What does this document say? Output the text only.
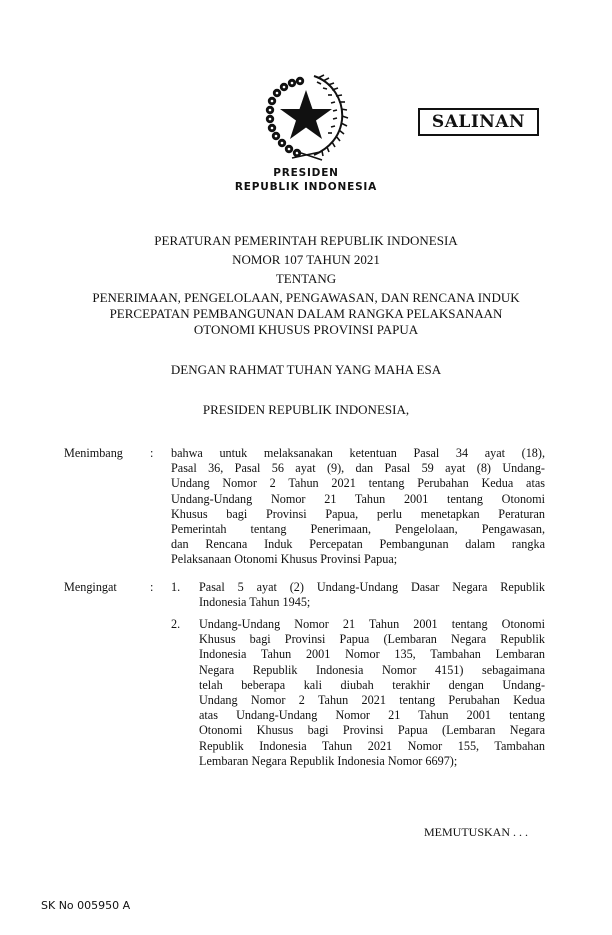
SALINAN
PRESIDEN
REPUBLIK INDONESIA
PERATURAN PEMERINTAH REPUBLIK INDONESIA
NOMOR 107 TAHUN 2021
TENTANG
PENERIMAAN, PENGELOLAAN, PENGAWASAN, DAN RENCANA INDUK
PERCEPATAN PEMBANGUNAN DALAM RANGKA PELAKSANAAN
OTONOMI KHUSUS PROVINSI PAPUA
DENGAN RAHMAT TUHAN YANG MAHA ESA
PRESIDEN REPUBLIK INDONESIA,
Menimbang : bahwa untuk melaksanakan ketentuan Pasal 34 ayat (18),
Pasal 36, Pasal 56 ayat (9), dan Pasal 59 ayat (8) Undang-
Undang Nomor 2 Tahun 2021 tentang Perubahan Kedua atas
Undang-Undang Nomor 21 Tahun 2001 tentang Otonomi
Khusus bagi Provinsi Papua, perlu menetapkan Peraturan
Pemerintah tentang Penerimaan, Pengelolaan, Pengawasan,
dan Rencana Induk Percepatan Pembangunan dalam rangka
Pelaksanaan Otonomi Khusus Provinsi Papua;
Mengingat	: 1. Pasal 5 ayat (2) Undang-Undang Dasar Negara Republik
Indonesia Tahun 1945;
2. Undang-Undang Nomor 21 Tahun 2001 tentang Otonomi
Khusus bagi Provinsi Papua (Lembaran Negara Republik
Indonesia Tahun 2001 Nomor 135, Tambahan Lembaran
Negara Republik Indonesia Nomor 4151) sebagaimana
telah beberapa kali diubah terakhir dengan Undang-
Undang Nomor 2 Tahun 2021 tentang Perubahan Kedua
atas Undang-Undang Nomor 21 Tahun 2001 tentang
Otonomi Khusus bagi Provinsi Papua (Lembaran Negara
Republik Indonesia Tahun 2021 Nomor 155, Tambahan
Lembaran Negara Republik Indonesia Nomor 6697);
MEMUTUSKAN . . .
SK No 005950 A
